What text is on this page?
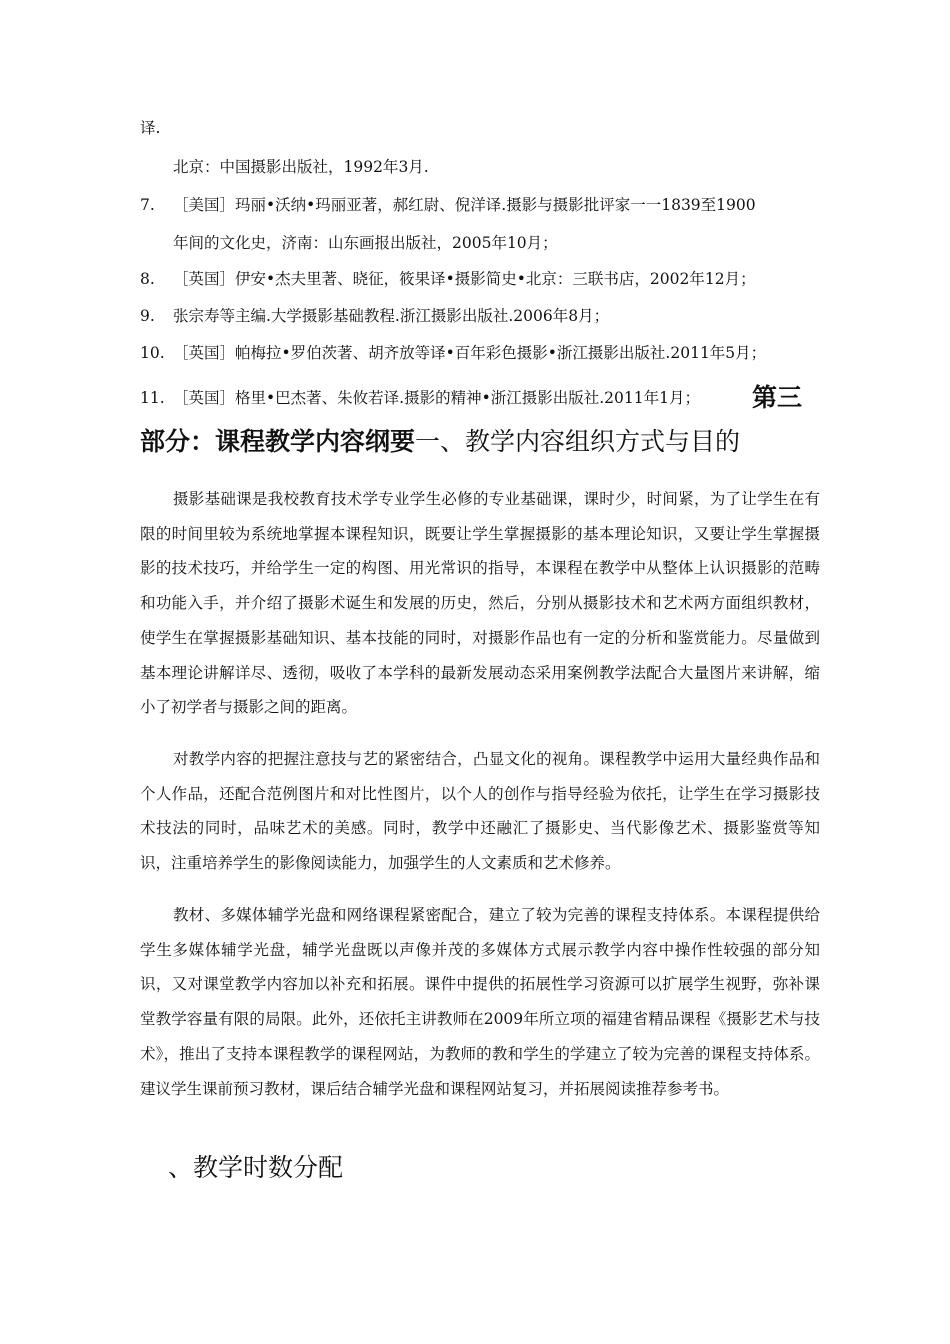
译.
北京：中国摄影出版社，1992年3月.
7. ［美国］玛丽•沃纳•玛丽亚著，郝红尉、倪洋译.摄影与摄影批评家一一1839至1900
年间的文化史，济南：山东画报出版社，2005年10月；
8. ［英国］伊安•杰夫里著、晓征，筱果译•摄影简史•北京：三联书店，2002年12月；
9. 张宗寿等主编.大学摄影基础教程.浙江摄影出版社.2006年8月；
10. ［英国］帕梅拉•罗伯茨著、胡齐放等译•百年彩色摄影•浙江摄影出版社.2011年5月；
11. ［英国］格里•巴杰著、朱攸若译.摄影的精神•浙江摄影出版社.2011年1月； 第三
部分：课程教学内容纲要一、教学内容组织方式与目的

摄影基础课是我校教育技术学专业学生必修的专业基础课，课时少，时间紧，为了让学生在有限的时间里较为系统地掌握本课程知识，既要让学生掌握摄影的基本理论知识，又要让学生掌握摄影的技术技巧，并给学生一定的构图、用光常识的指导，本课程在教学中从整体上认识摄影的范畴和功能入手，并介绍了摄影术诞生和发展的历史，然后，分别从摄影技术和艺术两方面组织教材，使学生在掌握摄影基础知识、基本技能的同时，对摄影作品也有一定的分析和鉴赏能力。尽量做到基本理论讲解详尽、透彻，吸收了本学科的最新发展动态采用案例教学法配合大量图片来讲解，缩小了初学者与摄影之间的距离。

对教学内容的把握注意技与艺的紧密结合，凸显文化的视角。课程教学中运用大量经典作品和个人作品，还配合范例图片和对比性图片，以个人的创作与指导经验为依托，让学生在学习摄影技术技法的同时，品味艺术的美感。同时，教学中还融汇了摄影史、当代影像艺术、摄影鉴赏等知识，注重培养学生的影像阅读能力，加强学生的人文素质和艺术修养。

教材、多媒体辅学光盘和网络课程紧密配合，建立了较为完善的课程支持体系。本课程提供给学生多媒体辅学光盘，辅学光盘既以声像并茂的多媒体方式展示教学内容中操作性较强的部分知识，又对课堂教学内容加以补充和拓展。课件中提供的拓展性学习资源可以扩展学生视野，弥补课堂教学容量有限的局限。此外，还依托主讲教师在2009年所立项的福建省精品课程《摄影艺术与技术》，推出了支持本课程教学的课程网站，为教师的教和学生的学建立了较为完善的课程支持体系。建议学生课前预习教材，课后结合辅学光盘和课程网站复习，并拓展阅读推荐参考书。

、教学时数分配
